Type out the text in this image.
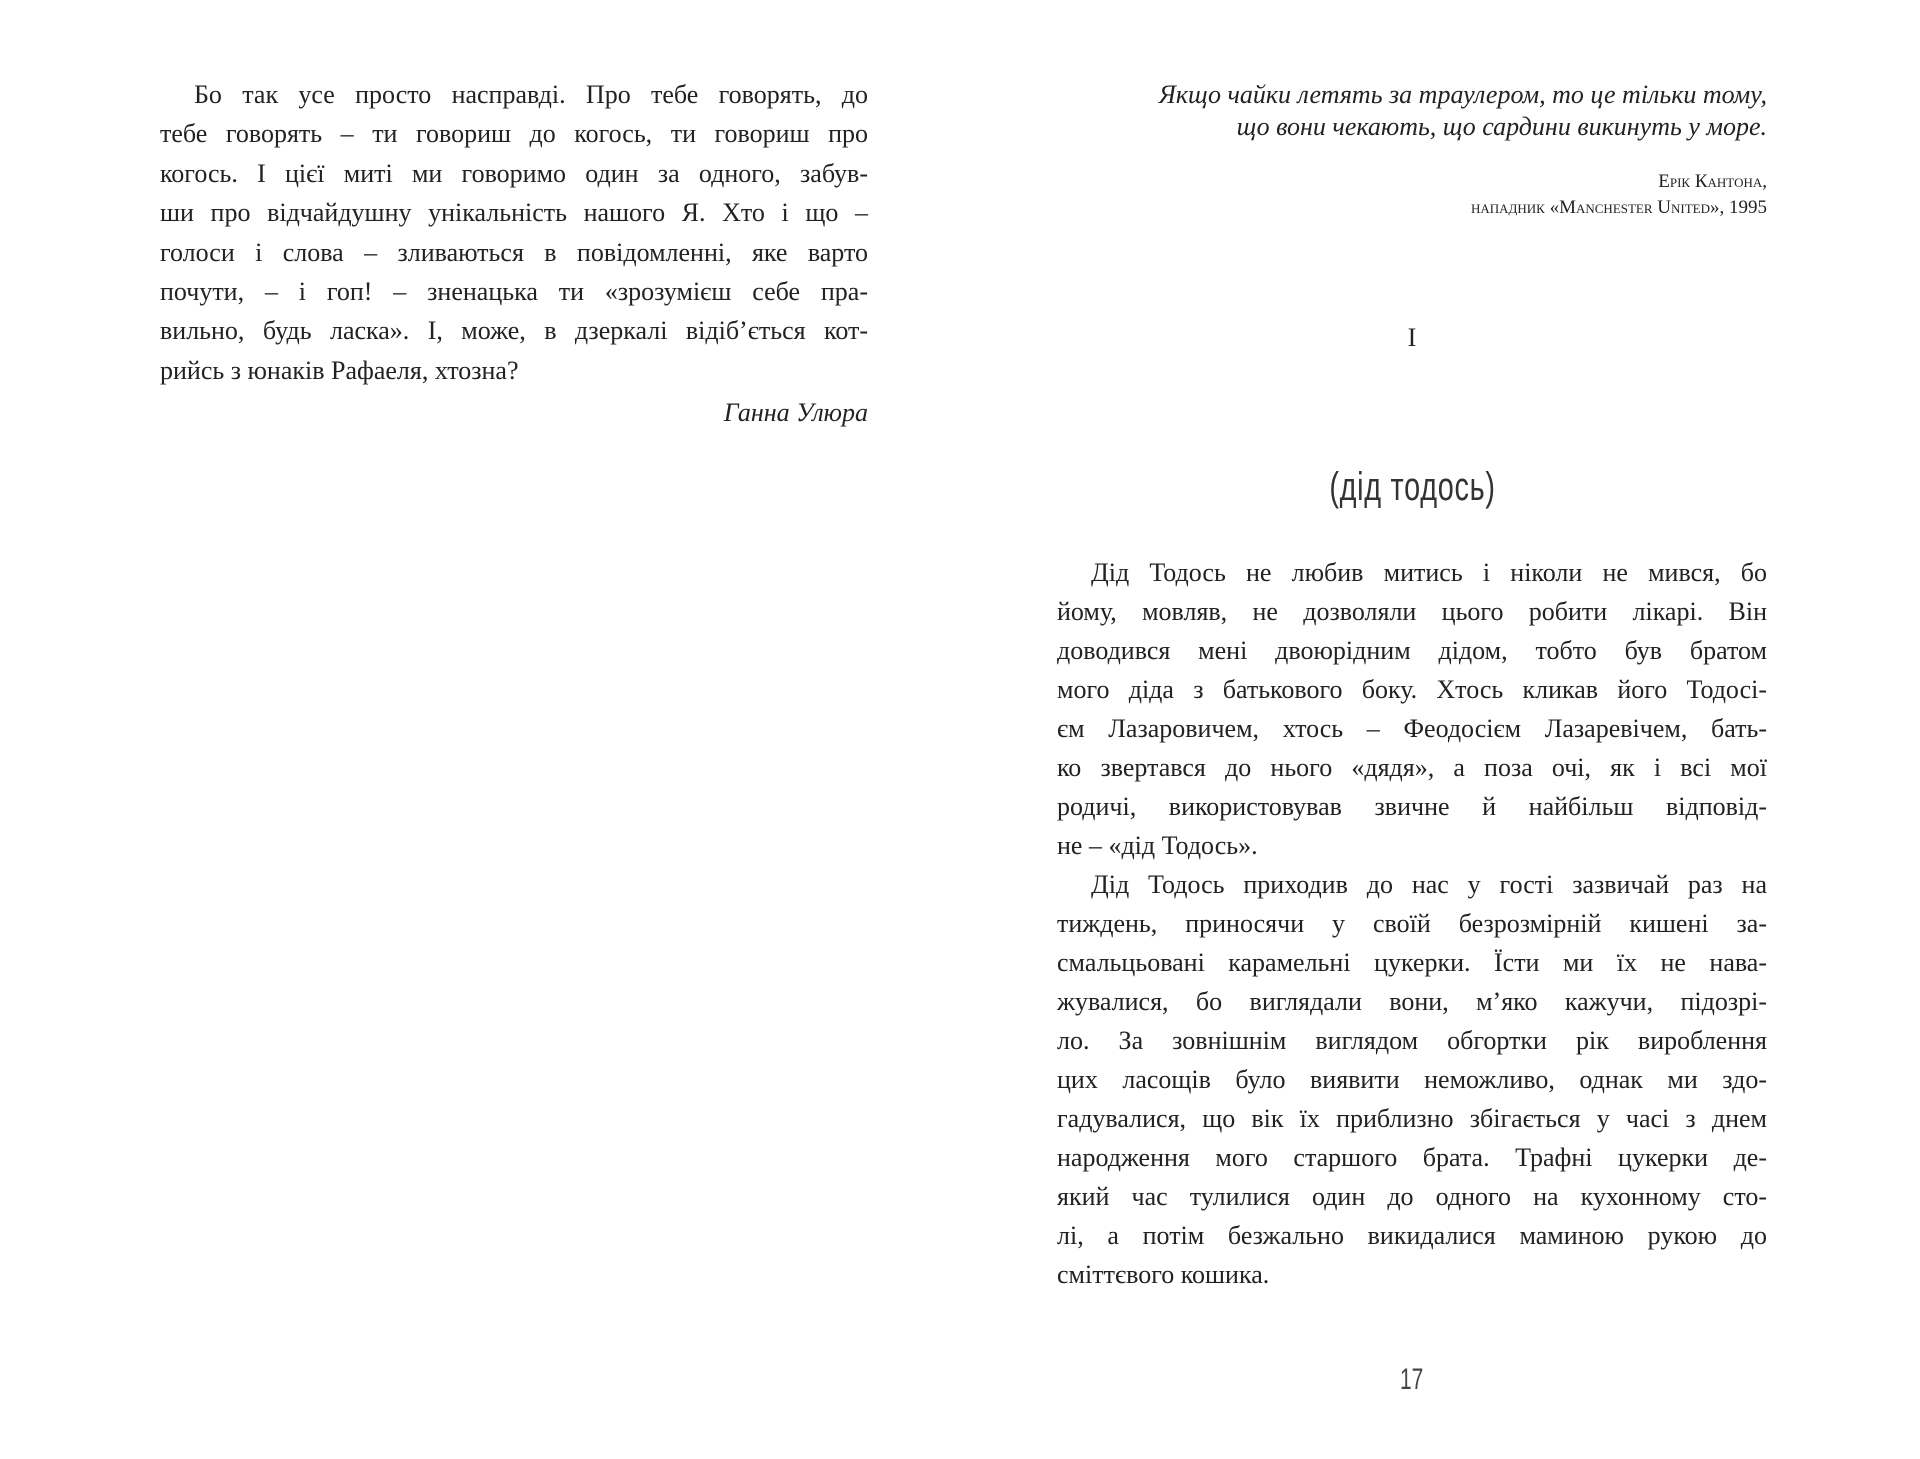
Бо так усе просто насправді. Про тебе говорять, до
тебе говорять – ти говориш до когось, ти говориш про
когось. І цієї миті ми говоримо один за одного, забув-
ши про відчайдушну унікальність нашого Я. Хто і що –
голоси і слова – зливаються в повідомленні, яке варто
почути, – і гоп! – зненацька ти «зрозумієш себе пра-
вильно, будь ласка». І, може, в дзеркалі відіб’ється кот-
рийсь з юнаків Рафаеля, хтозна?
Ганна Улюра
Якщо чайки летять за траулером, то це тільки тому,
що вони чекають, що сардини викинуть у море.
Ерік Кантона,
нападник «Manchester United», 1995
I
(дід тодось)
Дід Тодось не любив митись і ніколи не мився, бо
йому, мовляв, не дозволяли цього робити лікарі. Він
доводився мені двоюрідним дідом, тобто був братом
мого діда з батькового боку. Хтось кликав його Тодосі-
єм Лазаровичем, хтось – Феодосієм Лазаревічем, бать-
ко звертався до нього «дядя», а поза очі, як і всі мої
родичі, використовував звичне й найбільш відповід-
не – «дід Тодось».
Дід Тодось приходив до нас у гості зазвичай раз на
тиждень, приносячи у своїй безрозмірній кишені за-
смальцьовані карамельні цукерки. Їсти ми їх не нава-
жувалися, бо виглядали вони, м’яко кажучи, підозрі-
ло. За зовнішнім виглядом обгортки рік вироблення
цих ласощів було виявити неможливо, однак ми здо-
гадувалися, що вік їх приблизно збігається у часі з днем
народження мого старшого брата. Трафні цукерки де-
який час тулилися один до одного на кухонному сто-
лі, а потім безжально викидалися маминою рукою до
сміттєвого кошика.
17
